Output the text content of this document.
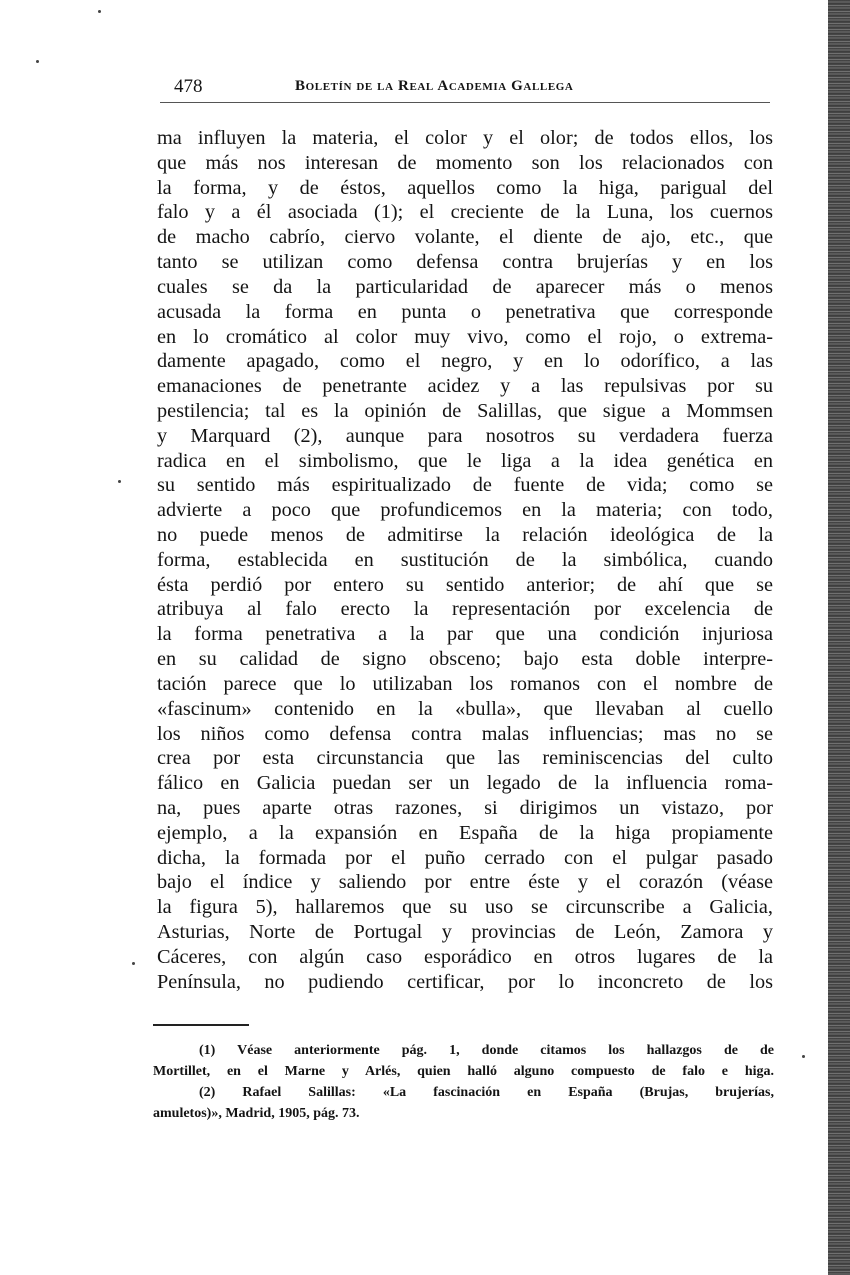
478	Boletín de la Real Academia Gallega
ma influyen la materia, el color y el olor; de todos ellos, los
que más nos interesan de momento son los relacionados con
la forma, y de éstos, aquellos como la higa, parigual del
falo y a él asociada (1); el creciente de la Luna, los cuernos
de macho cabrío, ciervo volante, el diente de ajo, etc., que
tanto se utilizan como defensa contra brujerías y en los
cuales se da la particularidad de aparecer más o menos
acusada la forma en punta o penetrativa que corresponde
en lo cromático al color muy vivo, como el rojo, o extrema-
damente apagado, como el negro, y en lo odorífico, a las
emanaciones de penetrante acidez y a las repulsivas por su
pestilencia; tal es la opinión de Salillas, que sigue a Mommsen
y Marquard (2), aunque para nosotros su verdadera fuerza
radica en el simbolismo, que le liga a la idea genética en
su sentido más espiritualizado de fuente de vida; como se
advierte a poco que profundicemos en la materia; con todo,
no puede menos de admitirse la relación ideológica de la
forma, establecida en sustitución de la simbólica, cuando
ésta perdió por entero su sentido anterior; de ahí que se
atribuya al falo erecto la representación por excelencia de
la forma penetrativa a la par que una condición injuriosa
en su calidad de signo obsceno; bajo esta doble interpre-
tación parece que lo utilizaban los romanos con el nombre de
«fascinum» contenido en la «bulla», que llevaban al cuello
los niños como defensa contra malas influencias; mas no se
crea por esta circunstancia que las reminiscencias del culto
fálico en Galicia puedan ser un legado de la influencia roma-
na, pues aparte otras razones, si dirigimos un vistazo, por
ejemplo, a la expansión en España de la higa propiamente
dicha, la formada por el puño cerrado con el pulgar pasado
bajo el índice y saliendo por entre éste y el corazón (véase
la figura 5), hallaremos que su uso se circunscribe a Galicia,
Asturias, Norte de Portugal y provincias de León, Zamora y
Cáceres, con algún caso esporádico en otros lugares de la
Península, no pudiendo certificar, por lo inconcreto de los
(1) Véase anteriormente pág. 1, donde citamos los hallazgos de de
Mortillet, en el Marne y Arlés, quien halló alguno compuesto de falo e higa.
(2) Rafael Salillas: «La fascinación en España (Brujas, brujerías,
amuletos)», Madrid, 1905, pág. 73.
